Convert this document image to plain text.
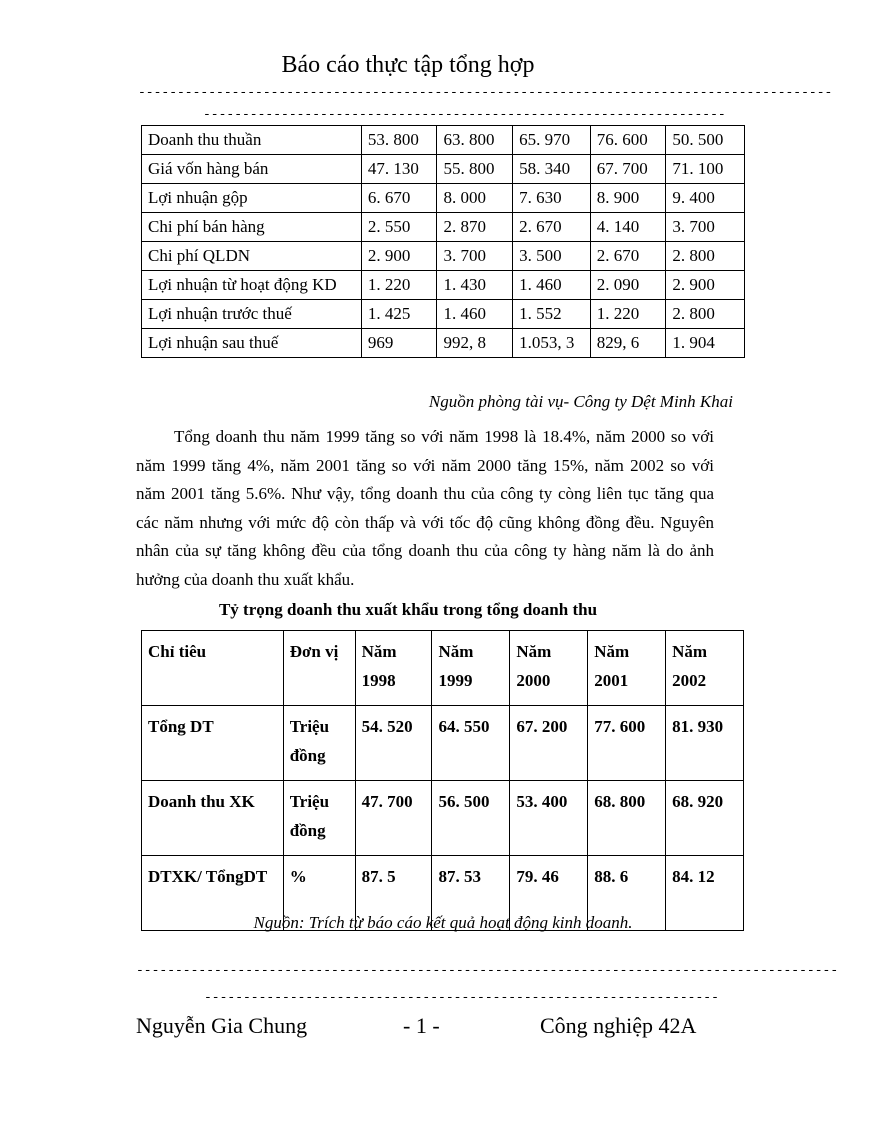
Báo cáo thực tập tổng hợp
-----------------------------------------------------------------------------------------
-------------------------------------------------------------------
Doanh thu thuần	53. 800	63. 800	65. 970	76. 600	50. 500
Giá vốn hàng bán	47. 130	55. 800	58. 340	67. 700	71. 100
Lợi nhuận gộp	6. 670	8. 000	7. 630	8. 900	9. 400
Chi phí bán hàng	2. 550	2. 870	2. 670	4. 140	3. 700
Chi phí QLDN	2. 900	3. 700	3. 500	2. 670	2. 800
Lợi nhuận từ hoạt động KD	1. 220	1. 430	1. 460	2. 090	2. 900
Lợi nhuận trước thuế	1. 425	1. 460	1. 552	1. 220	2. 800
Lợi nhuận sau thuế	969	992, 8	1.053, 3	829, 6	1. 904
Nguồn phòng tài vụ- Công ty Dệt Minh Khai
Tổng doanh thu năm 1999 tăng so với năm 1998 là 18.4%, năm 2000 so với năm 1999 tăng 4%, năm 2001 tăng so với năm 2000 tăng 15%, năm 2002 so với năm 2001 tăng 5.6%. Như vậy, tổng doanh thu của công ty còng liên tục tăng qua các năm nhưng với mức độ còn thấp và với tốc độ cũng không đồng đều. Nguyên nhân của sự tăng không đều của tổng doanh thu của công ty hàng năm là do ảnh hưởng của doanh thu xuất khẩu.
Tỷ trọng doanh thu xuất khẩu trong tổng doanh thu
Chỉ tiêu	Đơn vị	Năm 1998	Năm 1999	Năm 2000	Năm 2001	Năm 2002
Tổng DT	Triệu đồng	54. 520	64. 550	67. 200	77. 600	81. 930
Doanh thu XK	Triệu đồng	47. 700	56. 500	53. 400	68. 800	68. 920
DTXK/ TổngDT	%	87. 5	87. 53	79. 46	88. 6	84. 12
Nguồn: Trích từ báo cáo kết quả hoạt động kinh doanh.
------------------------------------------------------------------------------------------
------------------------------------------------------------------
Nguyễn Gia Chung	- 1 -	Công nghiệp 42A
